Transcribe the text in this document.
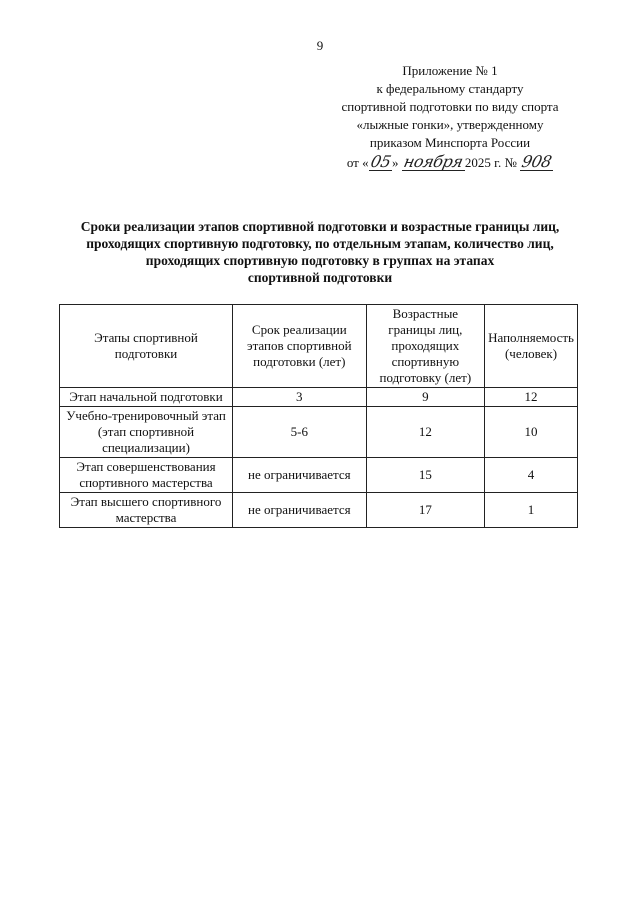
9
Приложение № 1
к федеральному стандарту
спортивной подготовки по виду спорта
«лыжные гонки», утвержденному
приказом Минспорта России
от «05» ноября2025 г. № 908
Сроки реализации этапов спортивной подготовки и возрастные границы лиц,
проходящих спортивную подготовку, по отдельным этапам, количество лиц,
проходящих спортивную подготовку в группах на этапах
спортивной подготовки
Этапы спортивной подготовки	Срок реализации этапов спортивной подготовки (лет)	Возрастные границы лиц, проходящих спортивную подготовку (лет)	Наполняемость (человек)
Этап начальной подготовки	3	9	12
Учебно-тренировочный этап (этап спортивной специализации)	5-6	12	10
Этап совершенствования спортивного мастерства	не ограничивается	15	4
Этап высшего спортивного мастерства	не ограничивается	17	1
